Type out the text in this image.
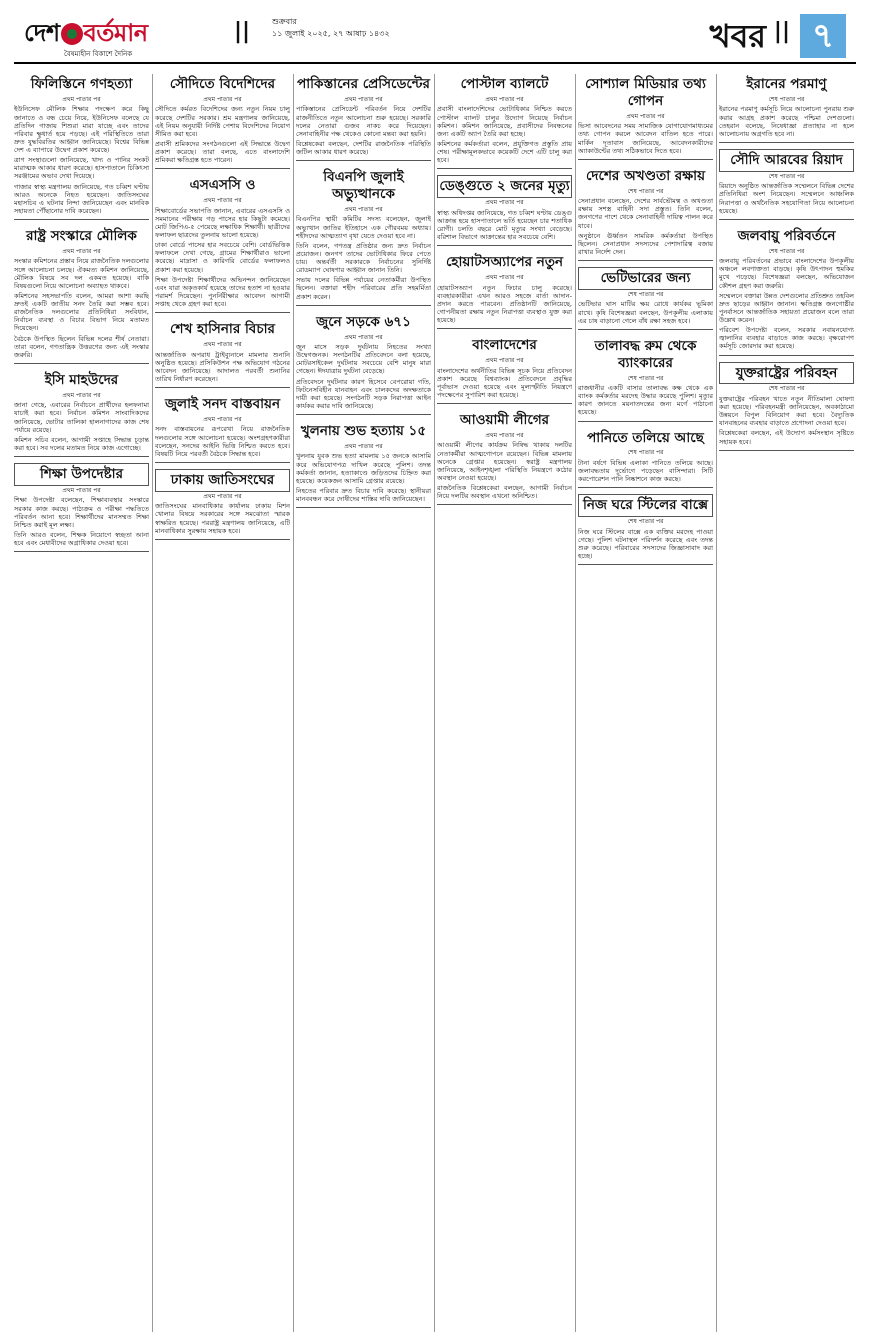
দেশ বর্তমান
বৈষম্যহীন বিকাশে দৈনিক
||	শুক্রবার
১১ জুলাই ২০২৫, ২৭ আষাঢ় ১৪৩২	খবর || ৭
ফিলিস্তিনে গণহত্যা
প্রথম পাতার পর

ইউনিসেফ মৌলিক শিক্ষার পদক্ষেপ করে কিছু জানাতে ও বন্ধ চেয়ে নিয়ে, ইউনিসেফ বলেছে যে প্রতিদিন গাজায় শিশুরা মারা যাচ্ছে এবং তাদের পরিবার ক্ষুধার্ত হয়ে পড়ছে। এই পরিস্থিতিতে তারা দ্রুত যুদ্ধবিরতির আহ্বান জানিয়েছে। বিশ্বের বিভিন্ন দেশ এ ব্যাপারে উদ্বেগ প্রকাশ করেছে।

ত্রাণ সংস্থাগুলো জানিয়েছে, খাদ্য ও পানির সংকট মারাত্মক আকার ধারণ করেছে। হাসপাতালে চিকিৎসা সরঞ্জামের অভাব দেখা দিয়েছে।

গাজার স্বাস্থ্য মন্ত্রণালয় জানিয়েছে, গত চব্বিশ ঘণ্টায় আরও অনেকে নিহত হয়েছেন। জাতিসংঘের মহাসচিব এ ঘটনার নিন্দা জানিয়েছেন এবং মানবিক সহায়তা পৌঁছানোর দাবি করেছেন।

রাষ্ট্র সংস্কারে মৌলিক
প্রথম পাতার পর

সংস্কার কমিশনের প্রস্তাব নিয়ে রাজনৈতিক দলগুলোর সঙ্গে আলোচনা চলছে। ঐকমত্য কমিশন জানিয়েছে, মৌলিক বিষয়ে সব দল একমত হয়েছে। বাকি বিষয়গুলো নিয়ে আলোচনা অব্যাহত থাকবে।

কমিশনের সহসভাপতি বলেন, আমরা আশা করছি দ্রুতই একটি জাতীয় সনদ তৈরি করা সম্ভব হবে। রাজনৈতিক দলগুলোর প্রতিনিধিরা সংবিধান, নির্বাচন ব্যবস্থা ও বিচার বিভাগ নিয়ে মতামত দিয়েছেন।

বৈঠকে উপস্থিত ছিলেন বিভিন্ন দলের শীর্ষ নেতারা। তারা বলেন, গণতান্ত্রিক উত্তরণের জন্য এই সংস্কার জরুরি।

ইসি মাহউদের
প্রথম পাতার পর

জানা গেছে, এবারের নির্বাচনে প্রার্থীদের হলফনামা যাচাই করা হবে। নির্বাচন কমিশন সাংবাদিকদের জানিয়েছে, ভোটার তালিকা হালনাগাদের কাজ শেষ পর্যায়ে রয়েছে।

কমিশন সচিব বলেন, আগামী সপ্তাহে সিদ্ধান্ত চূড়ান্ত করা হবে। সব দলের মতামত নিয়ে কাজ এগোচ্ছে।

শিক্ষা উপদেষ্টার
প্রথম পাতার পর

শিক্ষা উপদেষ্টা বলেছেন, শিক্ষাব্যবস্থার সংস্কারে সরকার কাজ করছে। পাঠ্যক্রম ও পরীক্ষা পদ্ধতিতে পরিবর্তন আনা হবে। শিক্ষার্থীদের মানসম্মত শিক্ষা নিশ্চিত করাই মূল লক্ষ্য।

তিনি আরও বলেন, শিক্ষক নিয়োগে স্বচ্ছতা আনা হবে এবং মেধাবীদের অগ্রাধিকার দেওয়া হবে।

সৌদিতে বিদেশিদের
প্রথম পাতার পর

সৌদিতে কর্মরত বিদেশিদের জন্য নতুন নিয়ম চালু করেছে দেশটির সরকার। শ্রম মন্ত্রণালয় জানিয়েছে, এই নিয়ম অনুযায়ী নির্দিষ্ট পেশায় বিদেশিদের নিয়োগ সীমিত করা হবে।

প্রবাসী শ্রমিকদের সংগঠনগুলো এই সিদ্ধান্তে উদ্বেগ প্রকাশ করেছে। তারা বলছে, এতে বাংলাদেশি শ্রমিকরা ক্ষতিগ্রস্ত হতে পারেন।

এসএসসি ও
প্রথম পাতার পর

শিক্ষাবোর্ডের সভাপতি জানান, এবারের এসএসসি ও সমমানের পরীক্ষায় গড় পাসের হার কিছুটা কমেছে। মোট জিপিএ-৫ পেয়েছে লক্ষাধিক শিক্ষার্থী। ছাত্রীদের ফলাফল ছাত্রদের তুলনায় ভালো হয়েছে।

ঢাকা বোর্ডে পাসের হার সবচেয়ে বেশি। বোর্ডভিত্তিক ফলাফলে দেখা গেছে, গ্রামের শিক্ষার্থীরাও ভালো করেছে। মাদ্রাসা ও কারিগরি বোর্ডের ফলাফলও প্রকাশ করা হয়েছে।

শিক্ষা উপদেষ্টা শিক্ষার্থীদের অভিনন্দন জানিয়েছেন এবং যারা অকৃতকার্য হয়েছে তাদের হতাশ না হওয়ার পরামর্শ দিয়েছেন। পুনর্নিরীক্ষার আবেদন আগামী সপ্তাহ থেকে গ্রহণ করা হবে।

শেখ হাসিনার বিচার
প্রথম পাতার পর

আন্তর্জাতিক অপরাধ ট্রাইব্যুনালে মামলার শুনানি অনুষ্ঠিত হয়েছে। প্রসিকিউশন পক্ষ অভিযোগ গঠনের আবেদন জানিয়েছে। আদালত পরবর্তী শুনানির তারিখ নির্ধারণ করেছেন।

জুলাই সনদ বাস্তবায়ন
প্রথম পাতার পর

সনদ বাস্তবায়নের রূপরেখা নিয়ে রাজনৈতিক দলগুলোর সঙ্গে আলোচনা হয়েছে। অংশগ্রহণকারীরা বলেছেন, সনদের আইনি ভিত্তি নিশ্চিত করতে হবে। বিষয়টি নিয়ে পরবর্তী বৈঠকে সিদ্ধান্ত হবে।

ঢাকায় জাতিসংঘের
প্রথম পাতার পর

জাতিসংঘের মানবাধিকার কার্যালয় ঢাকায় মিশন খোলার বিষয়ে সরকারের সঙ্গে সমঝোতা স্মারক স্বাক্ষরিত হয়েছে। পররাষ্ট্র মন্ত্রণালয় জানিয়েছে, এটি মানবাধিকার সুরক্ষায় সহায়ক হবে।

পাকিস্তানের প্রেসিডেন্টের
প্রথম পাতার পর

পাকিস্তানের প্রেসিডেন্ট পরিবর্তন নিয়ে দেশটির রাজনীতিতে নতুন আলোচনা শুরু হয়েছে। সরকারি দলের নেতারা গুজব নাকচ করে দিয়েছেন। সেনাবাহিনীর পক্ষ থেকেও কোনো মন্তব্য করা হয়নি।

বিশ্লেষকেরা বলছেন, দেশটির রাজনৈতিক পরিস্থিতি জটিল আকার ধারণ করেছে।

বিএনপি জুলাই অভ্যুত্থানকে
প্রথম পাতার পর

বিএনপির স্থায়ী কমিটির সদস্য বলেছেন, জুলাই অভ্যুত্থান জাতির ইতিহাসে এক গৌরবময় অধ্যায়। শহীদদের আত্মত্যাগ বৃথা যেতে দেওয়া হবে না।

তিনি বলেন, গণতন্ত্র প্রতিষ্ঠার জন্য দ্রুত নির্বাচন প্রয়োজন। জনগণ তাদের ভোটাধিকার ফিরে পেতে চায়। অন্তর্বর্তী সরকারকে নির্বাচনের সুনির্দিষ্ট রোডম্যাপ ঘোষণার আহ্বান জানান তিনি।

সভায় দলের বিভিন্ন পর্যায়ের নেতাকর্মীরা উপস্থিত ছিলেন। বক্তারা শহীদ পরিবারের প্রতি সহমর্মিতা প্রকাশ করেন।

জুনে সড়কে ৬৭১
প্রথম পাতার পর

জুন মাসে সড়ক দুর্ঘটনায় নিহতের সংখ্যা উদ্বেগজনক। সংগঠনটির প্রতিবেদনে বলা হয়েছে, মোটরসাইকেল দুর্ঘটনায় সবচেয়ে বেশি মানুষ মারা গেছেন। ঈদযাত্রায় দুর্ঘটনা বেড়েছে।

প্রতিবেদনে দুর্ঘটনার কারণ হিসেবে বেপরোয়া গতি, ফিটনেসবিহীন যানবাহন এবং চালকদের অদক্ষতাকে দায়ী করা হয়েছে। সংগঠনটি সড়ক নিরাপত্তা আইন কার্যকর করার দাবি জানিয়েছে।

খুলনায় শুভ হত্যায় ১৫
প্রথম পাতার পর

খুলনায় যুবক শুভ হত্যা মামলায় ১৫ জনকে আসামি করে অভিযোগপত্র দাখিল করেছে পুলিশ। তদন্ত কর্মকর্তা জানান, হত্যাকাণ্ডে জড়িতদের চিহ্নিত করা হয়েছে। কয়েকজন আসামি গ্রেপ্তার রয়েছে।

নিহতের পরিবার দ্রুত বিচার দাবি করেছে। স্থানীয়রা মানববন্ধন করে দোষীদের শাস্তির দাবি জানিয়েছেন।

পোস্টাল ব্যালটে
প্রথম পাতার পর

প্রবাসী বাংলাদেশিদের ভোটাধিকার নিশ্চিত করতে পোস্টাল ব্যালট চালুর উদ্যোগ নিয়েছে নির্বাচন কমিশন। কমিশন জানিয়েছে, প্রবাসীদের নিবন্ধনের জন্য একটি অ্যাপ তৈরি করা হচ্ছে।

কমিশনের কর্মকর্তারা বলেন, প্রযুক্তিগত প্রস্তুতি প্রায় শেষ। পরীক্ষামূলকভাবে কয়েকটি দেশে এটি চালু করা হবে।

ডেঙ্গুতে ২ জনের মৃত্যু
প্রথম পাতার পর

স্বাস্থ্য অধিদপ্তর জানিয়েছে, গত চব্বিশ ঘণ্টায় ডেঙ্গু আক্রান্ত হয়ে হাসপাতালে ভর্তি হয়েছেন চার শতাধিক রোগী। চলতি বছরে মোট মৃত্যুর সংখ্যা বেড়েছে। বরিশাল বিভাগে আক্রান্তের হার সবচেয়ে বেশি।

হোয়াটসঅ্যাপের নতুন
প্রথম পাতার পর

হোয়াটসঅ্যাপ নতুন ফিচার চালু করেছে। ব্যবহারকারীরা এখন আরও সহজে বার্তা আদান-প্রদান করতে পারবেন। প্রতিষ্ঠানটি জানিয়েছে, গোপনীয়তা রক্ষায় নতুন নিরাপত্তা ব্যবস্থাও যুক্ত করা হয়েছে।

বাংলাদেশের
প্রথম পাতার পর

বাংলাদেশের অর্থনীতির বিভিন্ন সূচক নিয়ে প্রতিবেদন প্রকাশ করেছে বিশ্বব্যাংক। প্রতিবেদনে প্রবৃদ্ধির পূর্বাভাস দেওয়া হয়েছে এবং মূল্যস্ফীতি নিয়ন্ত্রণে পদক্ষেপের সুপারিশ করা হয়েছে।

আওয়ামী লীগের
প্রথম পাতার পর

আওয়ামী লীগের কার্যক্রম নিষিদ্ধ থাকায় দলটির নেতাকর্মীরা আত্মগোপনে রয়েছেন। বিভিন্ন মামলায় অনেকে গ্রেপ্তার হয়েছেন। স্বরাষ্ট্র মন্ত্রণালয় জানিয়েছে, আইনশৃঙ্খলা পরিস্থিতি নিয়ন্ত্রণে কঠোর অবস্থান নেওয়া হয়েছে।

রাজনৈতিক বিশ্লেষকেরা বলছেন, আগামী নির্বাচন নিয়ে দলটির অবস্থান এখনো অনিশ্চিত।

সোশ্যাল মিডিয়ার তথ্য গোপন
প্রথম পাতার পর

ভিসা আবেদনের সময় সামাজিক যোগাযোগমাধ্যমের তথ্য গোপন করলে আবেদন বাতিল হতে পারে। মার্কিন দূতাবাস জানিয়েছে, আবেদনকারীদের অ্যাকাউন্টের তথ্য সঠিকভাবে দিতে হবে।

দেশের অখণ্ডতা রক্ষায়
শেষ পাতার পর

সেনাপ্রধান বলেছেন, দেশের সার্বভৌমত্ব ও অখণ্ডতা রক্ষায় সশস্ত্র বাহিনী সদা প্রস্তুত। তিনি বলেন, জনগণের পাশে থেকে সেনাবাহিনী দায়িত্ব পালন করে যাবে।

অনুষ্ঠানে ঊর্ধ্বতন সামরিক কর্মকর্তারা উপস্থিত ছিলেন। সেনাপ্রধান সদস্যদের পেশাদারিত্ব বজায় রাখার নির্দেশ দেন।

ভেটিভারের জন্য
শেষ পাতার পর

ভেটিভার ঘাস মাটির ক্ষয় রোধে কার্যকর ভূমিকা রাখে। কৃষি বিশেষজ্ঞরা বলছেন, উপকূলীয় এলাকায় এর চাষ বাড়ানো গেলে বাঁধ রক্ষা সহজ হবে।

তালাবদ্ধ রুম থেকে ব্যাংকারের
শেষ পাতার পর

রাজধানীর একটি বাসার তালাবদ্ধ কক্ষ থেকে এক ব্যাংক কর্মকর্তার মরদেহ উদ্ধার করেছে পুলিশ। মৃত্যুর কারণ জানতে ময়নাতদন্তের জন্য মর্গে পাঠানো হয়েছে।

পানিতে তলিয়ে আছে
শেষ পাতার পর

টানা বর্ষণে বিভিন্ন এলাকা পানিতে তলিয়ে আছে। জলাবদ্ধতায় দুর্ভোগে পড়েছেন বাসিন্দারা। সিটি করপোরেশন পানি নিষ্কাশনে কাজ করছে।

নিজ ঘরে স্টিলের বাক্সে
শেষ পাতার পর

নিজ ঘরে স্টিলের বাক্সে এক ব্যক্তির মরদেহ পাওয়া গেছে। পুলিশ ঘটনাস্থল পরিদর্শন করেছে এবং তদন্ত শুরু করেছে। পরিবারের সদস্যদের জিজ্ঞাসাবাদ করা হচ্ছে।

ইরানের পরমাণু
শেষ পাতার পর

ইরানের পরমাণু কর্মসূচি নিয়ে আলোচনা পুনরায় শুরু করার আগ্রহ প্রকাশ করেছে পশ্চিমা দেশগুলো। তেহরান বলেছে, নিষেধাজ্ঞা প্রত্যাহার না হলে আলোচনায় অগ্রগতি হবে না।

সৌদি আরবের রিয়াদ
শেষ পাতার পর

রিয়াদে অনুষ্ঠিত আন্তর্জাতিক সম্মেলনে বিভিন্ন দেশের প্রতিনিধিরা অংশ নিয়েছেন। সম্মেলনে আঞ্চলিক নিরাপত্তা ও অর্থনৈতিক সহযোগিতা নিয়ে আলোচনা হয়েছে।

জলবায়ু পরিবর্তনে
শেষ পাতার পর

জলবায়ু পরিবর্তনের প্রভাবে বাংলাদেশের উপকূলীয় অঞ্চলে লবণাক্ততা বাড়ছে। কৃষি উৎপাদন হুমকির মুখে পড়েছে। বিশেষজ্ঞরা বলছেন, অভিযোজন কৌশল গ্রহণ করা জরুরি।

সম্মেলনে বক্তারা উন্নত দেশগুলোর প্রতিশ্রুত তহবিল দ্রুত ছাড়ের আহ্বান জানান। ক্ষতিগ্রস্ত জনগোষ্ঠীর পুনর্বাসনে আন্তর্জাতিক সহায়তা প্রয়োজন বলে তারা উল্লেখ করেন।

পরিবেশ উপদেষ্টা বলেন, সরকার নবায়নযোগ্য জ্বালানির ব্যবহার বাড়াতে কাজ করছে। বৃক্ষরোপণ কর্মসূচি জোরদার করা হয়েছে।

যুক্তরাষ্ট্রের পরিবহন
শেষ পাতার পর

যুক্তরাষ্ট্রের পরিবহন খাতে নতুন নীতিমালা ঘোষণা করা হয়েছে। পরিবহনমন্ত্রী জানিয়েছেন, অবকাঠামো উন্নয়নে বিপুল বিনিয়োগ করা হবে। বৈদ্যুতিক যানবাহনের ব্যবহার বাড়াতে প্রণোদনা দেওয়া হবে।

বিশ্লেষকেরা বলছেন, এই উদ্যোগ কর্মসংস্থান সৃষ্টিতে সহায়ক হবে।
